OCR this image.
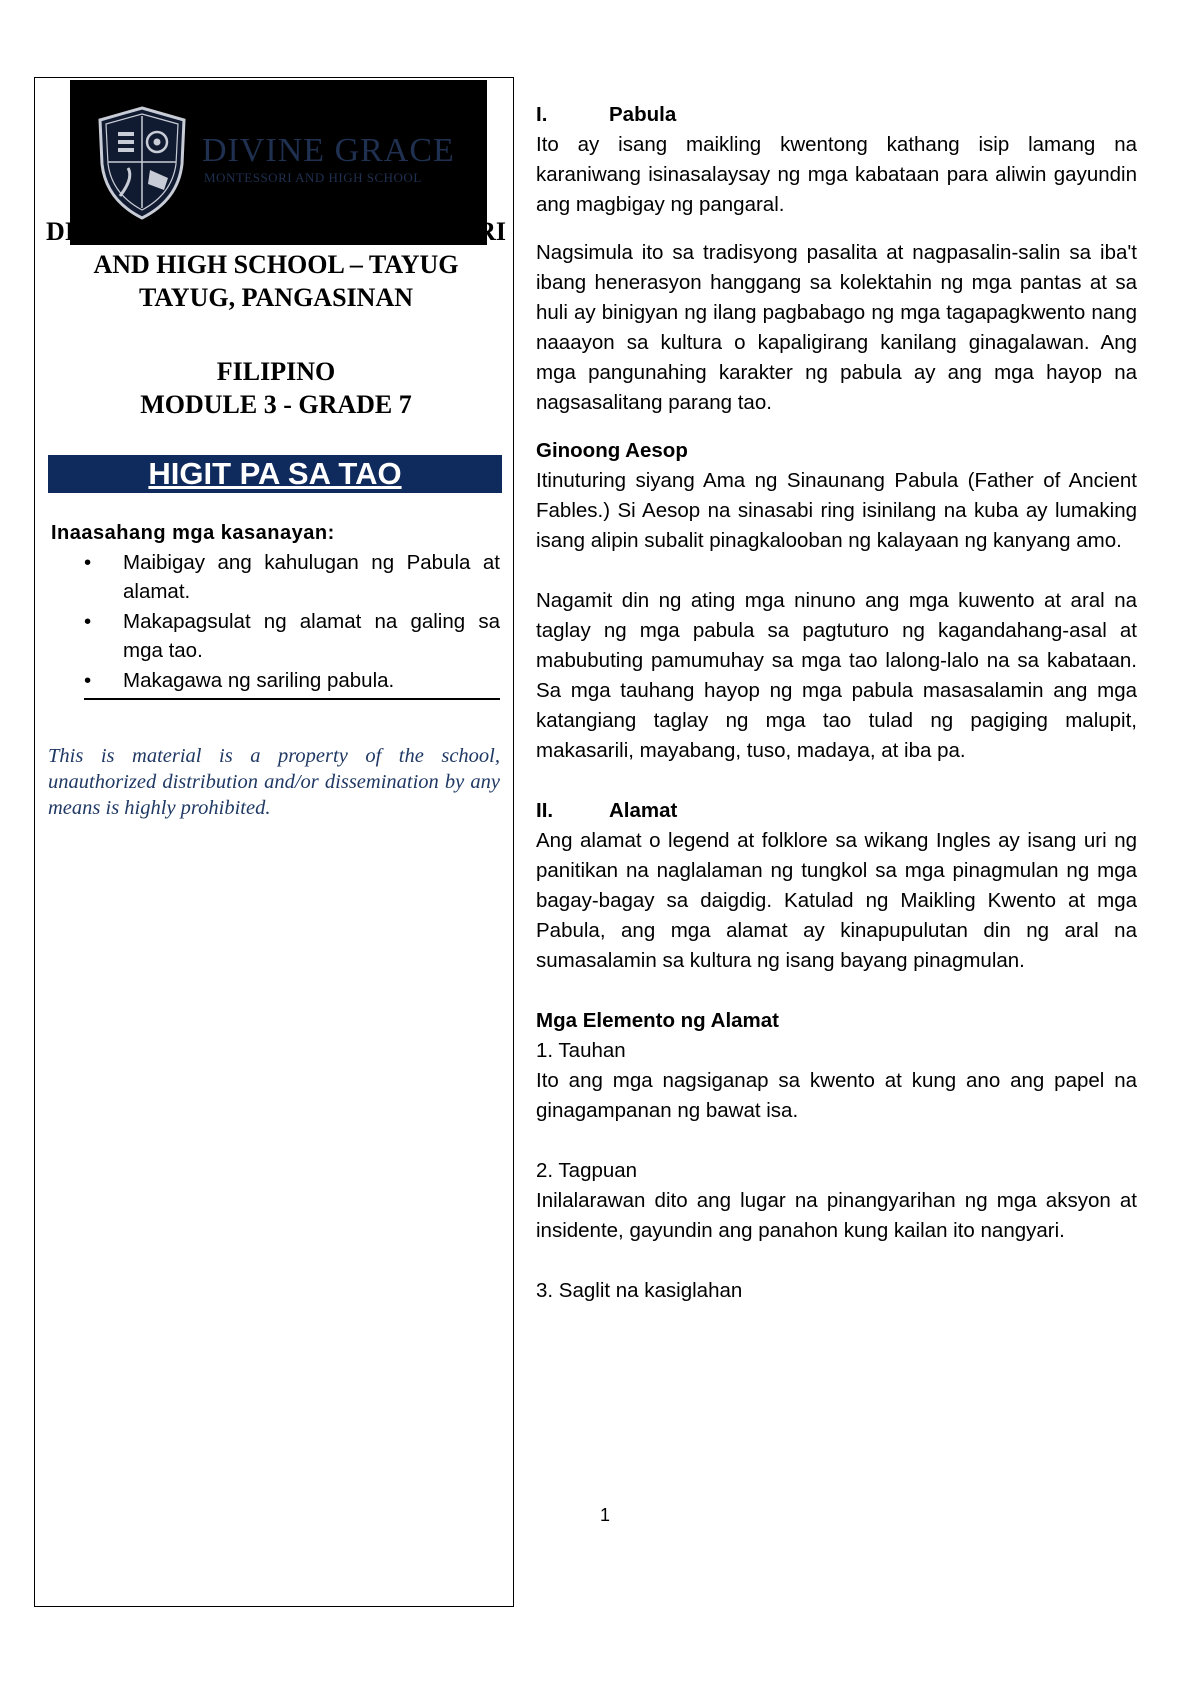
DIVINE GRACE
MONTESSORI AND HIGH SCHOOL
DIVINE GRACE MONTESSORI
AND HIGH SCHOOL – TAYUG
TAYUG, PANGASINAN
FILIPINO
MODULE 3 - GRADE 7
HIGIT PA SA TAO
Inaasahang mga kasanayan:
• Maibigay ang kahulugan ng Pabula at alamat.
• Makapagsulat ng alamat na galing sa mga tao.
• Makagawa ng sariling pabula.
This is material is a property of the school, unauthorized distribution and/or dissemination by any means is highly prohibited.
I.	Pabula

Ito ay isang maikling kwentong kathang isip lamang na karaniwang isinasalaysay ng mga kabataan para aliwin gayundin ang magbigay ng pangaral.

Nagsimula ito sa tradisyong pasalita at nagpasalin-salin sa iba't ibang henerasyon hanggang sa kolektahin ng mga pantas at sa huli ay binigyan ng ilang pagbabago ng mga tagapagkwento nang naaayon sa kultura o kapaligirang kanilang ginagalawan. Ang mga pangunahing karakter ng pabula ay ang mga hayop na nagsasalitang parang tao.

Ginoong Aesop

Itinuturing siyang Ama ng Sinaunang Pabula (Father of Ancient Fables.) Si Aesop na sinasabi ring isinilang na kuba ay lumaking isang alipin subalit pinagkalooban ng kalayaan ng kanyang amo.

Nagamit din ng ating mga ninuno ang mga kuwento at aral na taglay ng mga pabula sa pagtuturo ng kagandahang-asal at mabubuting pamumuhay sa mga tao lalong-lalo na sa kabataan. Sa mga tauhang hayop ng mga pabula masasalamin ang mga katangiang taglay ng mga tao tulad ng pagiging malupit, makasarili, mayabang, tuso, madaya, at iba pa.

II.	Alamat

Ang alamat o legend at folklore sa wikang Ingles ay isang uri ng panitikan na naglalaman ng tungkol sa mga pinagmulan ng mga bagay-bagay sa daigdig. Katulad ng Maikling Kwento at mga Pabula, ang mga alamat ay kinapupulutan din ng aral na sumasalamin sa kultura ng isang bayang pinagmulan.

Mga Elemento ng Alamat

1. Tauhan

Ito ang mga nagsiganap sa kwento at kung ano ang papel na ginagampanan ng bawat isa.

2. Tagpuan

Inilalarawan dito ang lugar na pinangyarihan ng mga aksyon at insidente, gayundin ang panahon kung kailan ito nangyari.

3. Saglit na kasiglahan

1
